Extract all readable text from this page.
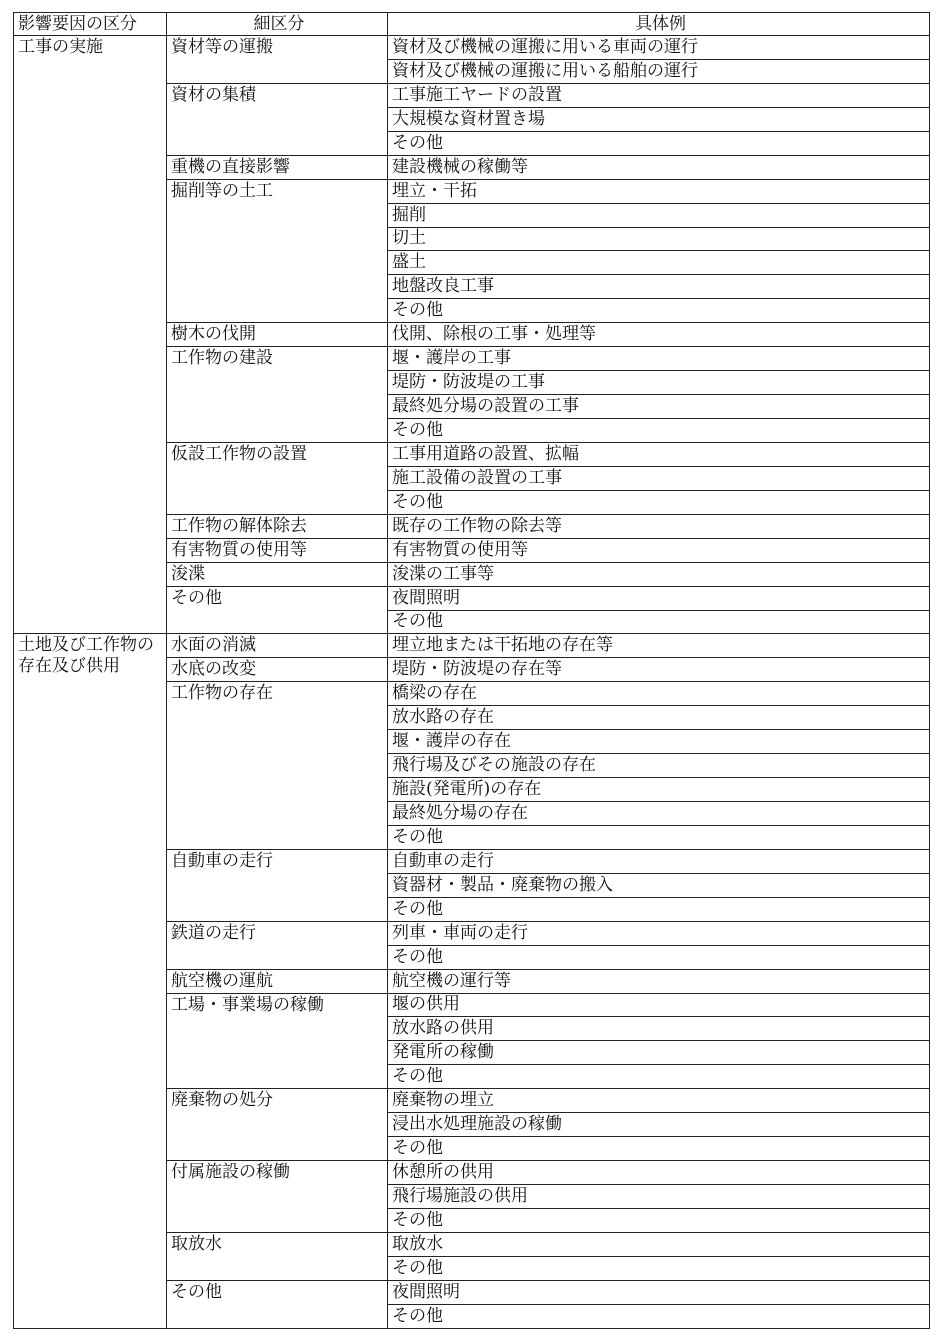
影響要因の区分	細区分	具体例
工事の実施	資材等の運搬	資材及び機械の運搬に用いる車両の運行
		資材及び機械の運搬に用いる船舶の運行
	資材の集積	工事施工ヤードの設置
		大規模な資材置き場
		その他
	重機の直接影響	建設機械の稼働等
	掘削等の土工	埋立・干拓
		掘削
		切土
		盛土
		地盤改良工事
		その他
	樹木の伐開	伐開、除根の工事・処理等
	工作物の建設	堰・護岸の工事
		堤防・防波堤の工事
		最終処分場の設置の工事
		その他
	仮設工作物の設置	工事用道路の設置、拡幅
		施工設備の設置の工事
		その他
	工作物の解体除去	既存の工作物の除去等
	有害物質の使用等	有害物質の使用等
	浚渫	浚渫の工事等
	その他	夜間照明
		その他
土地及び工作物の存在及び供用	水面の消滅	埋立地または干拓地の存在等
	水底の改変	堤防・防波堤の存在等
	工作物の存在	橋梁の存在
		放水路の存在
		堰・護岸の存在
		飛行場及びその施設の存在
		施設(発電所)の存在
		最終処分場の存在
		その他
	自動車の走行	自動車の走行
		資器材・製品・廃棄物の搬入
		その他
	鉄道の走行	列車・車両の走行
		その他
	航空機の運航	航空機の運行等
	工場・事業場の稼働	堰の供用
		放水路の供用
		発電所の稼働
		その他
	廃棄物の処分	廃棄物の埋立
		浸出水処理施設の稼働
		その他
	付属施設の稼働	休憩所の供用
		飛行場施設の供用
		その他
	取放水	取放水
		その他
	その他	夜間照明
		その他
